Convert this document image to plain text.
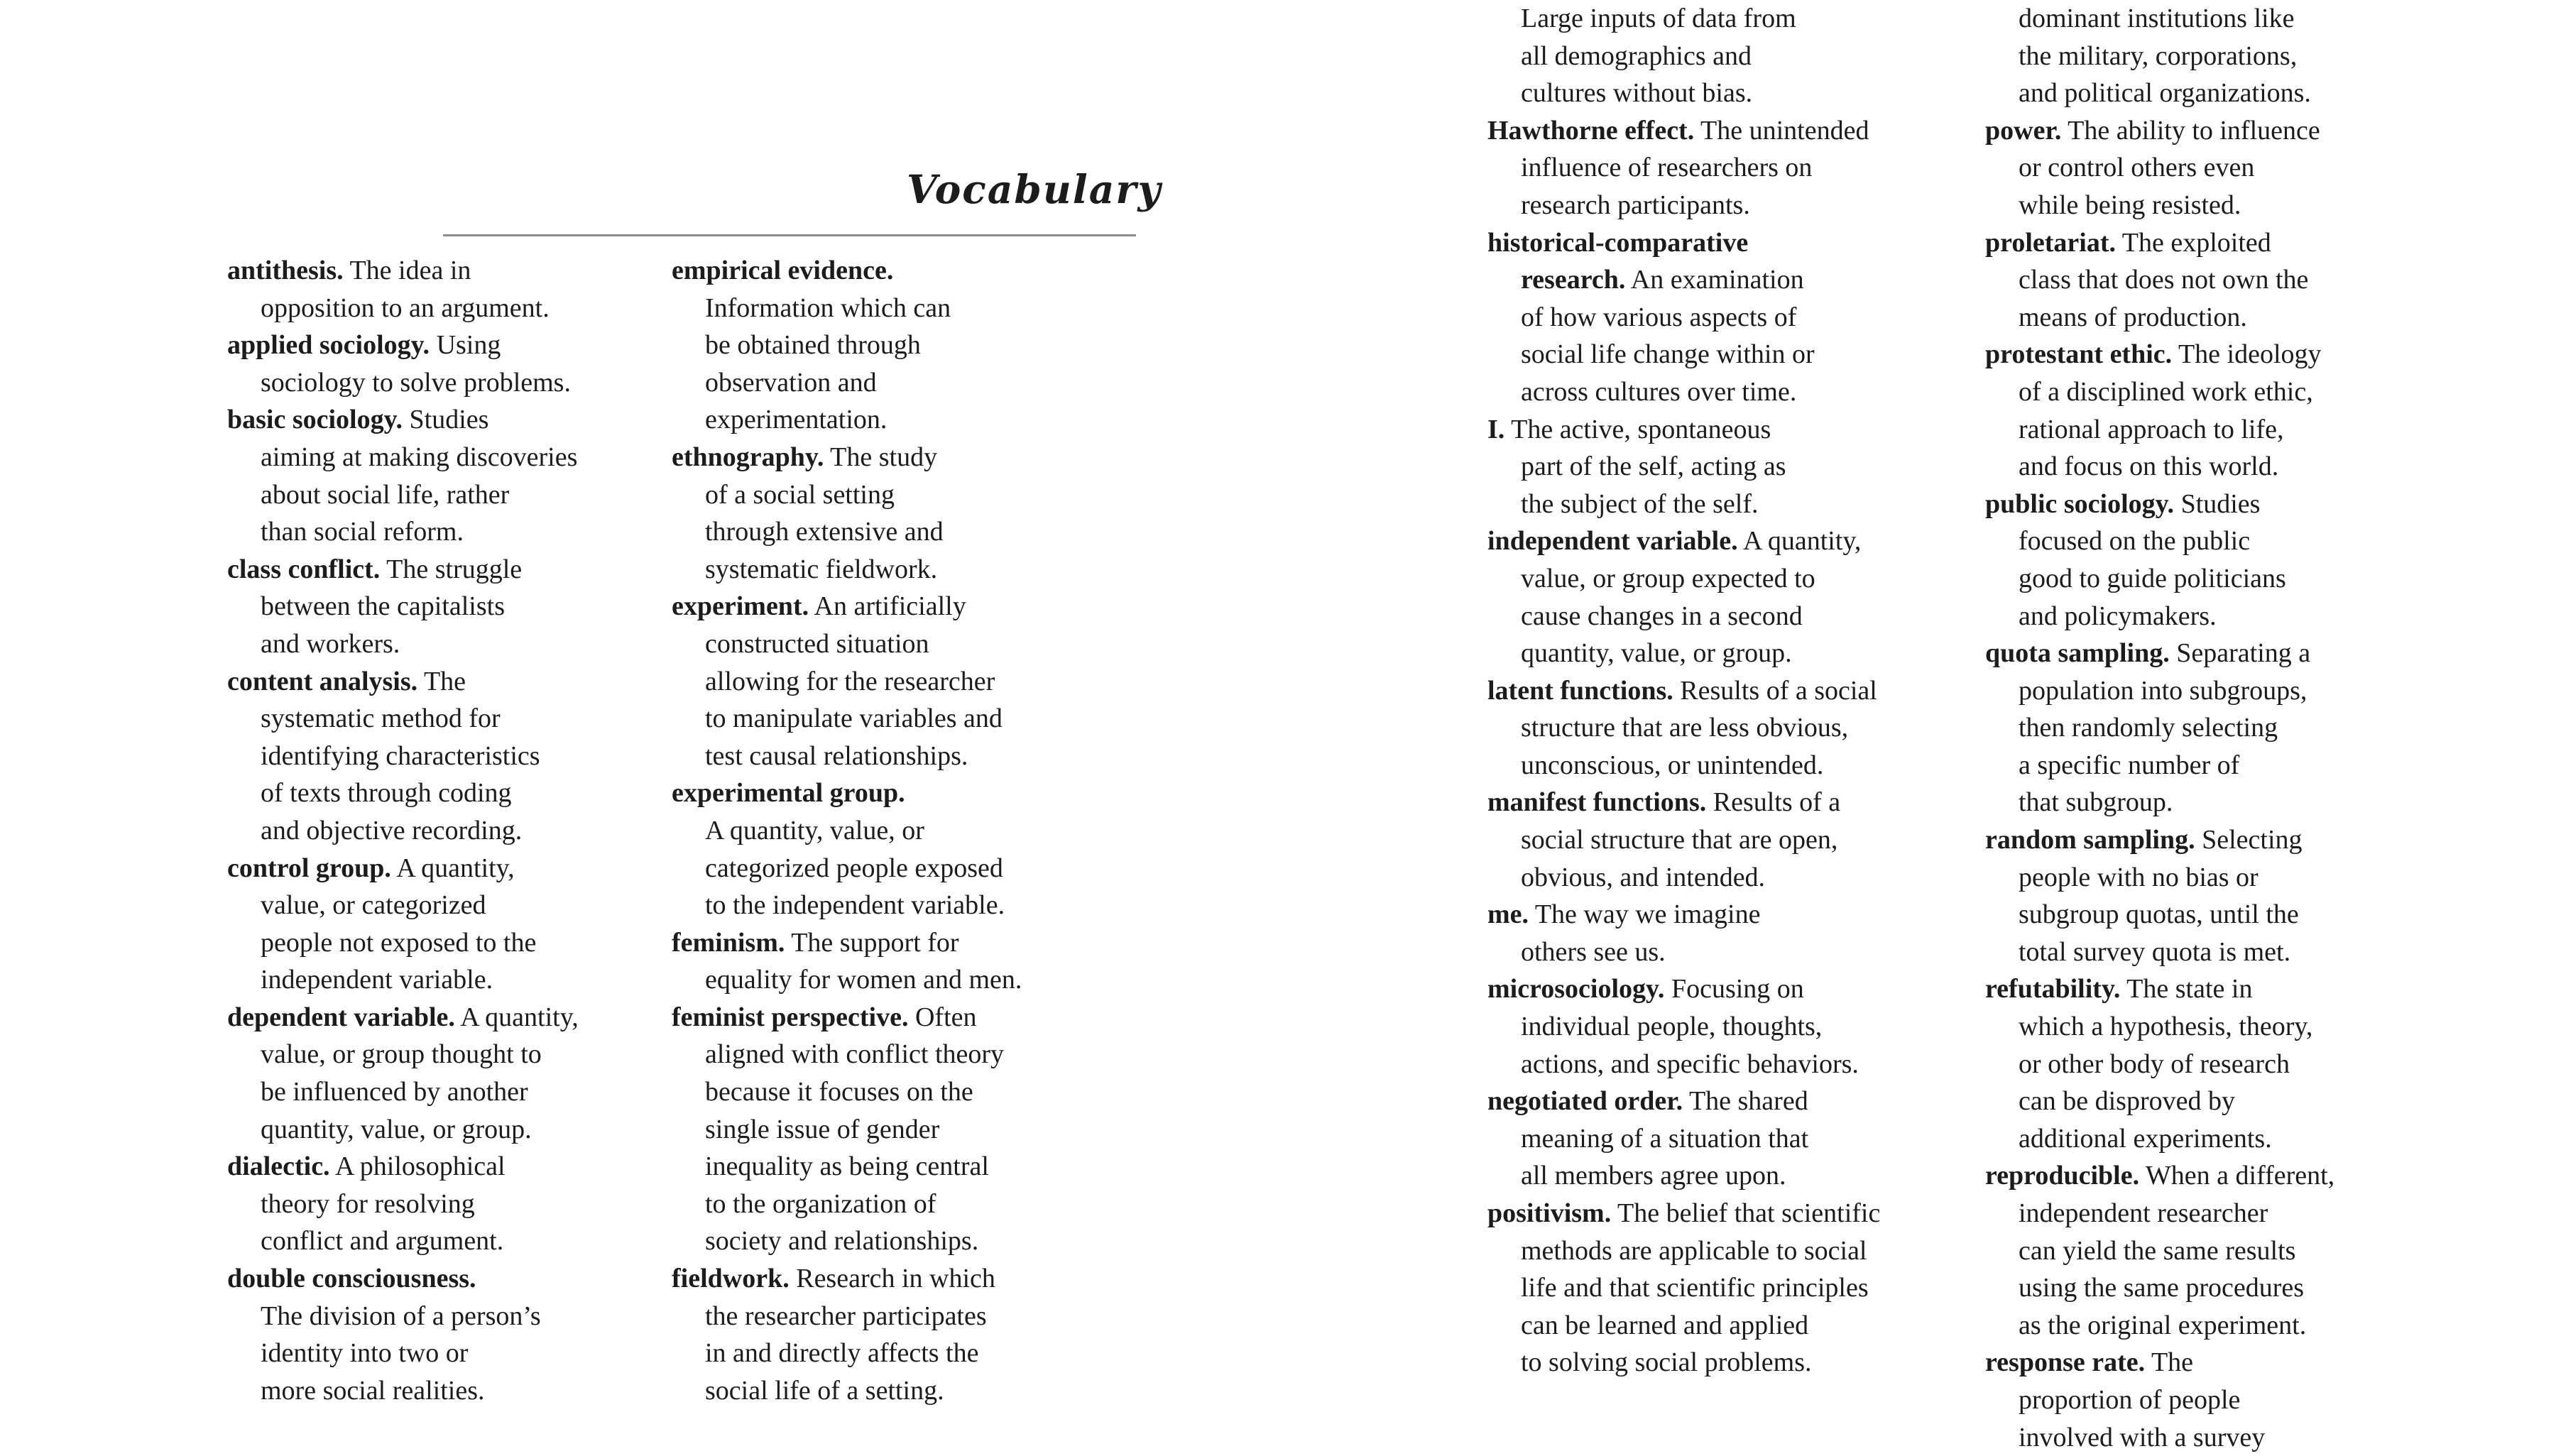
Vocabulary
antithesis. The idea in
opposition to an argument.
applied sociology. Using
sociology to solve problems.
basic sociology. Studies
aiming at making discoveries
about social life, rather
than social reform.
class conflict. The struggle
between the capitalists
and workers.
content analysis. The
systematic method for
identifying characteristics
of texts through coding
and objective recording.
control group. A quantity,
value, or categorized
people not exposed to the
independent variable.
dependent variable. A quantity,
value, or group thought to
be influenced by another
quantity, value, or group.
dialectic. A philosophical
theory for resolving
conflict and argument.
double consciousness.
The division of a person’s
identity into two or
more social realities.
empirical evidence.
Information which can
be obtained through
observation and
experimentation.
ethnography. The study
of a social setting
through extensive and
systematic fieldwork.
experiment. An artificially
constructed situation
allowing for the researcher
to manipulate variables and
test causal relationships.
experimental group.
A quantity, value, or
categorized people exposed
to the independent variable.
feminism. The support for
equality for women and men.
feminist perspective. Often
aligned with conflict theory
because it focuses on the
single issue of gender
inequality as being central
to the organization of
society and relationships.
fieldwork. Research in which
the researcher participates
in and directly affects the
social life of a setting.
Large inputs of data from
all demographics and
cultures without bias.
Hawthorne effect. The unintended
influence of researchers on
research participants.
historical-comparative
research. An examination
of how various aspects of
social life change within or
across cultures over time.
I. The active, spontaneous
part of the self, acting as
the subject of the self.
independent variable. A quantity,
value, or group expected to
cause changes in a second
quantity, value, or group.
latent functions. Results of a social
structure that are less obvious,
unconscious, or unintended.
manifest functions. Results of a
social structure that are open,
obvious, and intended.
me. The way we imagine
others see us.
microsociology. Focusing on
individual people, thoughts,
actions, and specific behaviors.
negotiated order. The shared
meaning of a situation that
all members agree upon.
positivism. The belief that scientific
methods are applicable to social
life and that scientific principles
can be learned and applied
to solving social problems.
dominant institutions like
the military, corporations,
and political organizations.
power. The ability to influence
or control others even
while being resisted.
proletariat. The exploited
class that does not own the
means of production.
protestant ethic. The ideology
of a disciplined work ethic,
rational approach to life,
and focus on this world.
public sociology. Studies
focused on the public
good to guide politicians
and policymakers.
quota sampling. Separating a
population into subgroups,
then randomly selecting
a specific number of
that subgroup.
random sampling. Selecting
people with no bias or
subgroup quotas, until the
total survey quota is met.
refutability. The state in
which a hypothesis, theory,
or other body of research
can be disproved by
additional experiments.
reproducible. When a different,
independent researcher
can yield the same results
using the same procedures
as the original experiment.
response rate. The
proportion of people
involved with a survey
